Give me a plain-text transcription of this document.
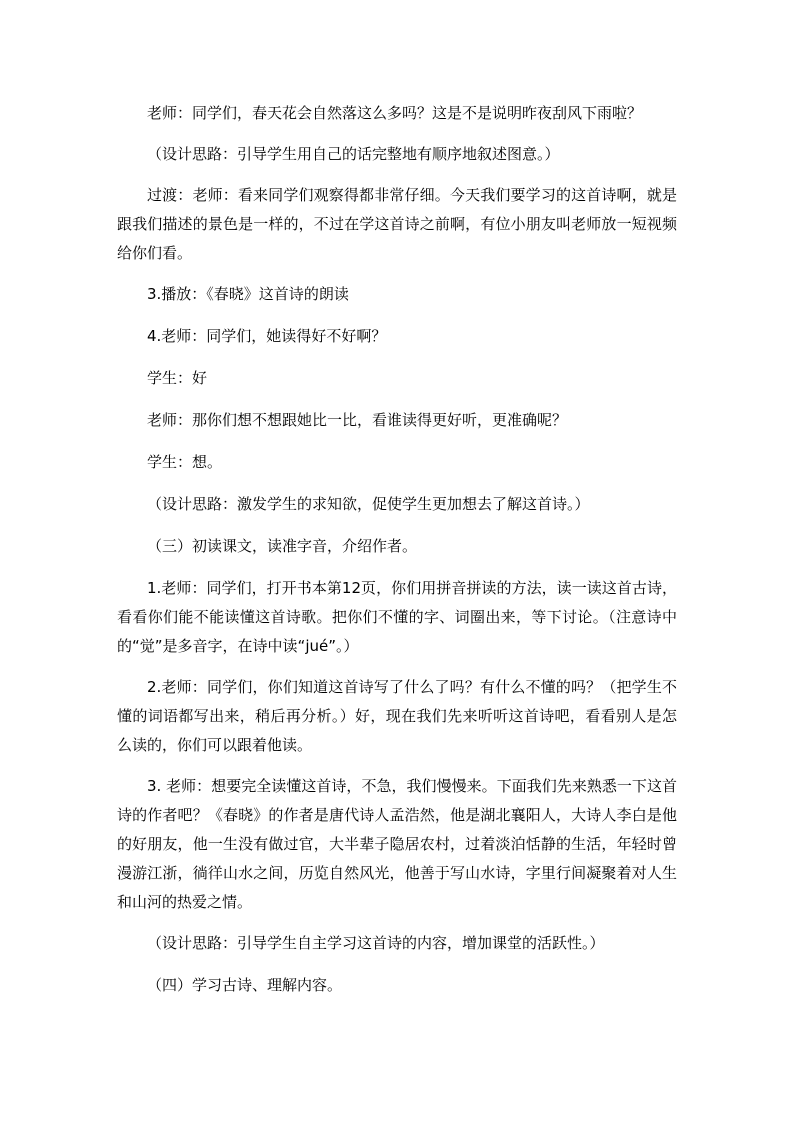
老师：同学们，春天花会自然落这么多吗？这是不是说明昨夜刮风下雨啦？

（设计思路：引导学生用自己的话完整地有顺序地叙述图意。）

过渡：老师：看来同学们观察得都非常仔细。今天我们要学习的这首诗啊，就是跟我们描述的景色是一样的，不过在学这首诗之前啊，有位小朋友叫老师放一短视频给你们看。

3.播放：《春晓》这首诗的朗读

4.老师：同学们，她读得好不好啊？

学生：好

老师：那你们想不想跟她比一比，看谁读得更好听，更准确呢？

学生：想。

（设计思路：激发学生的求知欲，促使学生更加想去了解这首诗。）

（三）初读课文，读准字音，介绍作者。

1.老师：同学们，打开书本第12页，你们用拼音拼读的方法，读一读这首古诗，看看你们能不能读懂这首诗歌。把你们不懂的字、词圈出来，等下讨论。（注意诗中的“觉”是多音字，在诗中读“jué”。）

2.老师：同学们，你们知道这首诗写了什么了吗？有什么不懂的吗？（把学生不懂的词语都写出来，稍后再分析。）好，现在我们先来听听这首诗吧，看看别人是怎么读的，你们可以跟着他读。

3. 老师：想要完全读懂这首诗，不急，我们慢慢来。下面我们先来熟悉一下这首诗的作者吧？《春晓》的作者是唐代诗人孟浩然，他是湖北襄阳人，大诗人李白是他的好朋友，他一生没有做过官，大半辈子隐居农村，过着淡泊恬静的生活，年轻时曾漫游江浙，徜徉山水之间，历览自然风光，他善于写山水诗，字里行间凝聚着对人生和山河的热爱之情。

（设计思路：引导学生自主学习这首诗的内容，增加课堂的活跃性。）

（四）学习古诗、理解内容。
